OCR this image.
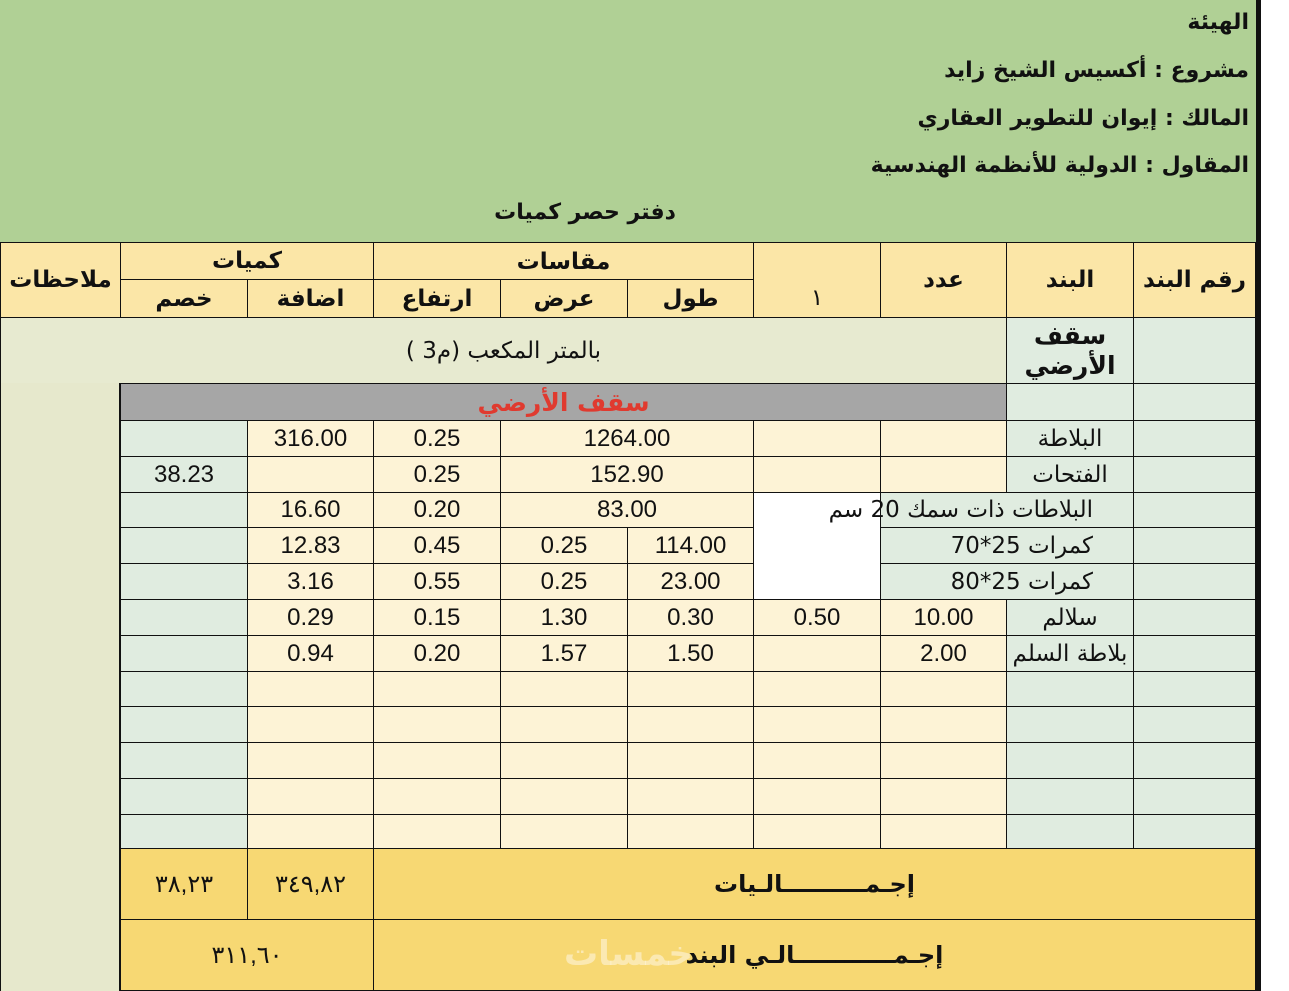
الهيئة
مشروع : أكسيس الشيخ زايد
المالك : إيوان للتطوير العقاري
المقاول : الدولية للأنظمة الهندسية
دفتر حصر كميات
رقم البند
البند
عدد
١
مقاسات
طول
عرض
ارتفاع
كميات
اضافة
خصم
ملاحظات
سقف الأرضي
بالمتر المكعب (م3 )
سقف الأرضي
البلاطة
1264.00
0.25
316.00
الفتحات
152.90
0.25
38.23
البلاطات ذات سمك 20 سم
83.00
0.20
16.60
كمرات 25*70
114.00
0.25
0.45
12.83
كمرات 25*80
23.00
0.25
0.55
3.16
سلالم
10.00
0.50
0.30
1.30
0.15
0.29
بلاطة السلم
2.00
1.50
1.57
0.20
0.94
إجـمــــــــــالـيات
٣٤٩,٨٢
٣٨,٢٣
خمسات
إجـمــــــــــــالـي البند
٣١١,٦٠
